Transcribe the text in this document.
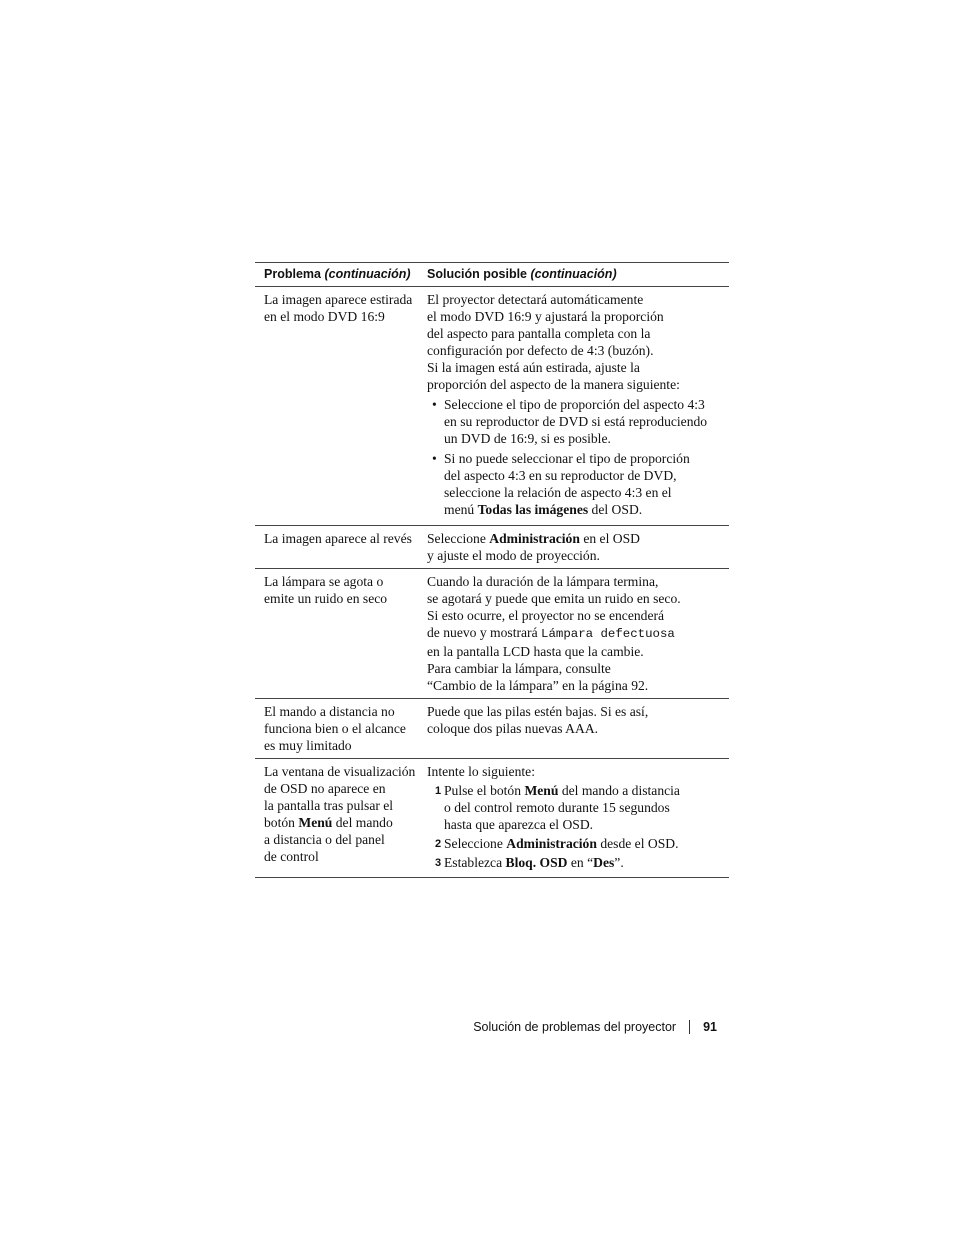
Problema (continuación)	Solución posible (continuación)
La imagen aparece estirada
en el modo DVD 16:9
El proyector detectará automáticamente
el modo DVD 16:9 y ajustará la proporción
del aspecto para pantalla completa con la
configuración por defecto de 4:3 (buzón).
Si la imagen está aún estirada, ajuste la
proporción del aspecto de la manera siguiente:
• Seleccione el tipo de proporción del aspecto 4:3
en su reproductor de DVD si está reproduciendo
un DVD de 16:9, si es posible.
• Si no puede seleccionar el tipo de proporción
del aspecto 4:3 en su reproductor de DVD,
seleccione la relación de aspecto 4:3 en el
menú Todas las imágenes del OSD.
La imagen aparece al revés	Seleccione Administración en el OSD
y ajuste el modo de proyección.
La lámpara se agota o
emite un ruido en seco
Cuando la duración de la lámpara termina,
se agotará y puede que emita un ruido en seco.
Si esto ocurre, el proyector no se encenderá
de nuevo y mostrará Lámpara defectuosa
en la pantalla LCD hasta que la cambie.
Para cambiar la lámpara, consulte
“Cambio de la lámpara” en la página 92.
El mando a distancia no
funciona bien o el alcance
es muy limitado
Puede que las pilas estén bajas. Si es así,
coloque dos pilas nuevas AAA.
La ventana de visualización
de OSD no aparece en
la pantalla tras pulsar el
botón Menú del mando
a distancia o del panel
de control
Intente lo siguiente:
1 Pulse el botón Menú del mando a distancia
o del control remoto durante 15 segundos
hasta que aparezca el OSD.
2 Seleccione Administración desde el OSD.
3 Establezca Bloq. OSD en “Des”.
Solución de problemas del proyector 91
